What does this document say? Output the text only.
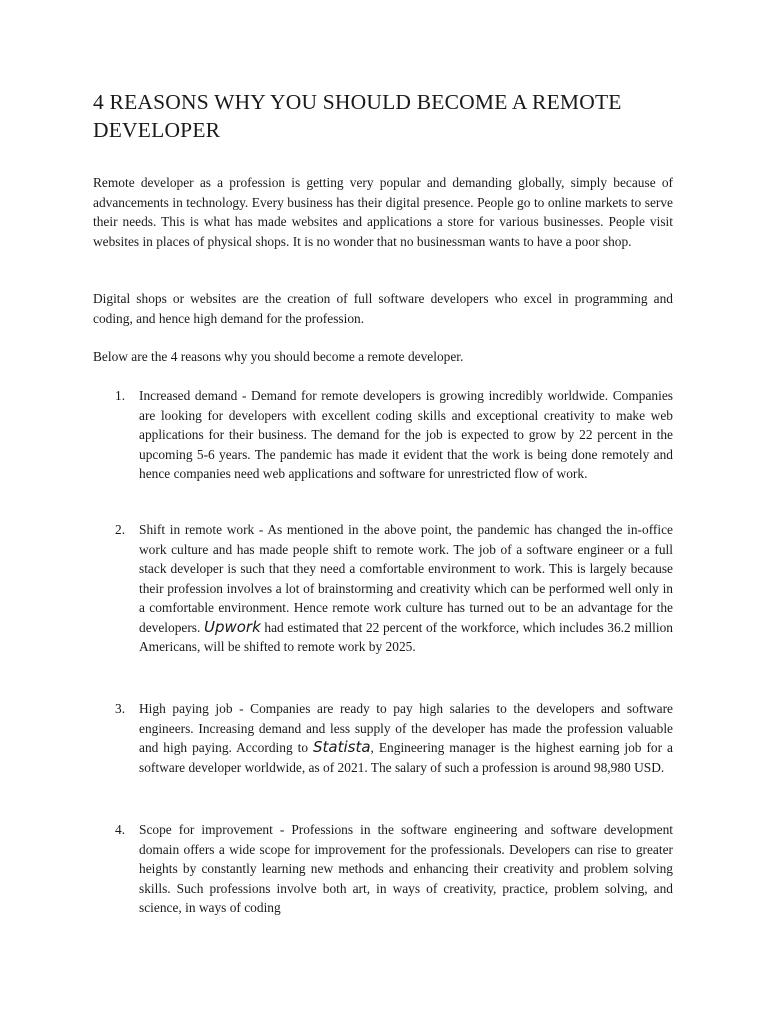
4 REASONS WHY YOU SHOULD BECOME A REMOTE DEVELOPER

Remote developer as a profession is getting very popular and demanding globally, simply because of advancements in technology. Every business has their digital presence. People go to online markets to serve their needs. This is what has made websites and applications a store for various businesses. People visit websites in places of physical shops. It is no wonder that no businessman wants to have a poor shop.

Digital shops or websites are the creation of full software developers who excel in programming and coding, and hence high demand for the profession.

Below are the 4 reasons why you should become a remote developer.

1.	Increased demand - Demand for remote developers is growing incredibly worldwide. Companies are looking for developers with excellent coding skills and exceptional creativity to make web applications for their business. The demand for the job is expected to grow by 22 percent in the upcoming 5-6 years. The pandemic has made it evident that the work is being done remotely and hence companies need web applications and software for unrestricted flow of work.
2.	Shift in remote work - As mentioned in the above point, the pandemic has changed the in-office work culture and has made people shift to remote work. The job of a software engineer or a full stack developer is such that they need a comfortable environment to work. This is largely because their profession involves a lot of brainstorming and creativity which can be performed well only in a comfortable environment. Hence remote work culture has turned out to be an advantage for the developers. Upwork had estimated that 22 percent of the workforce, which includes 36.2 million Americans, will be shifted to remote work by 2025.
3.	High paying job - Companies are ready to pay high salaries to the developers and software engineers. Increasing demand and less supply of the developer has made the profession valuable and high paying. According to Statista, Engineering manager is the highest earning job for a software developer worldwide, as of 2021. The salary of such a profession is around 98,980 USD.
4.	Scope for improvement - Professions in the software engineering and software development domain offers a wide scope for improvement for the professionals. Developers can rise to greater heights by constantly learning new methods and enhancing their creativity and problem solving skills. Such professions involve both art, in ways of creativity, practice, problem solving, and science, in ways of coding
